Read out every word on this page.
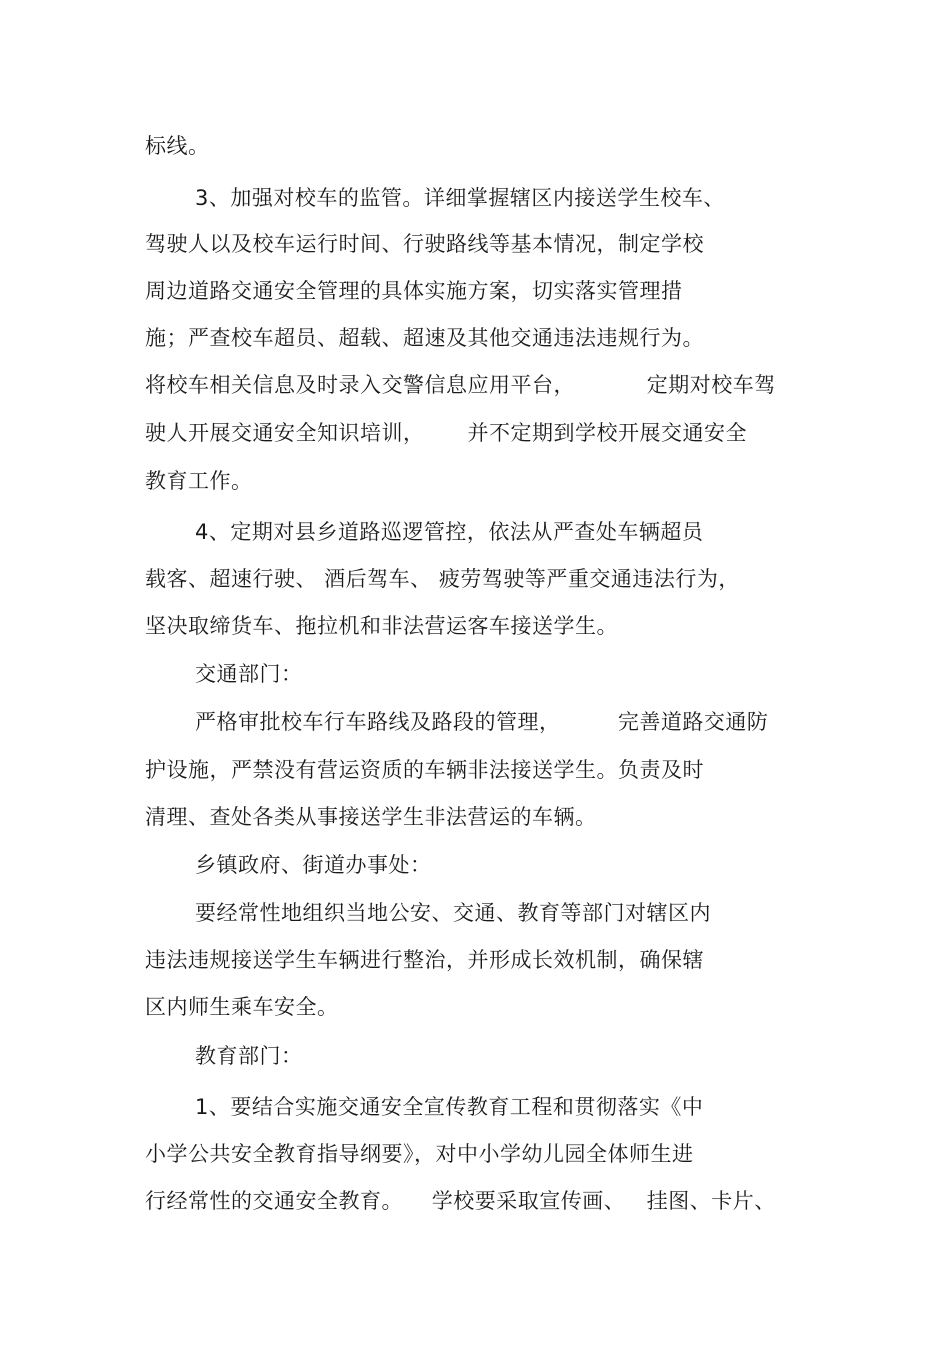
标线。
3、加强对校车的监管。详细掌握辖区内接送学生校车、
驾驶人以及校车运行时间、行驶路线等基本情况，制定学校
周边道路交通安全管理的具体实施方案，切实落实管理措
施；严查校车超员、超载、超速及其他交通违法违规行为。
将校车相关信息及时录入交警信息应用平台，          定期对校车驾
驶人开展交通安全知识培训，      并不定期到学校开展交通安全
教育工作。
4、定期对县乡道路巡逻管控，依法从严查处车辆超员
载客、超速行驶、 酒后驾车、 疲劳驾驶等严重交通违法行为，
坚决取缔货车、拖拉机和非法营运客车接送学生。
交通部门：
严格审批校车行车路线及路段的管理，        完善道路交通防
护设施，严禁没有营运资质的车辆非法接送学生。负责及时
清理、查处各类从事接送学生非法营运的车辆。
乡镇政府、街道办事处：
要经常性地组织当地公安、交通、教育等部门对辖区内
违法违规接送学生车辆进行整治，并形成长效机制，确保辖
区内师生乘车安全。
教育部门：
1、要结合实施交通安全宣传教育工程和贯彻落实《中
小学公共安全教育指导纲要》，对中小学幼儿园全体师生进
行经常性的交通安全教育。    学校要采取宣传画、   挂图、卡片、
